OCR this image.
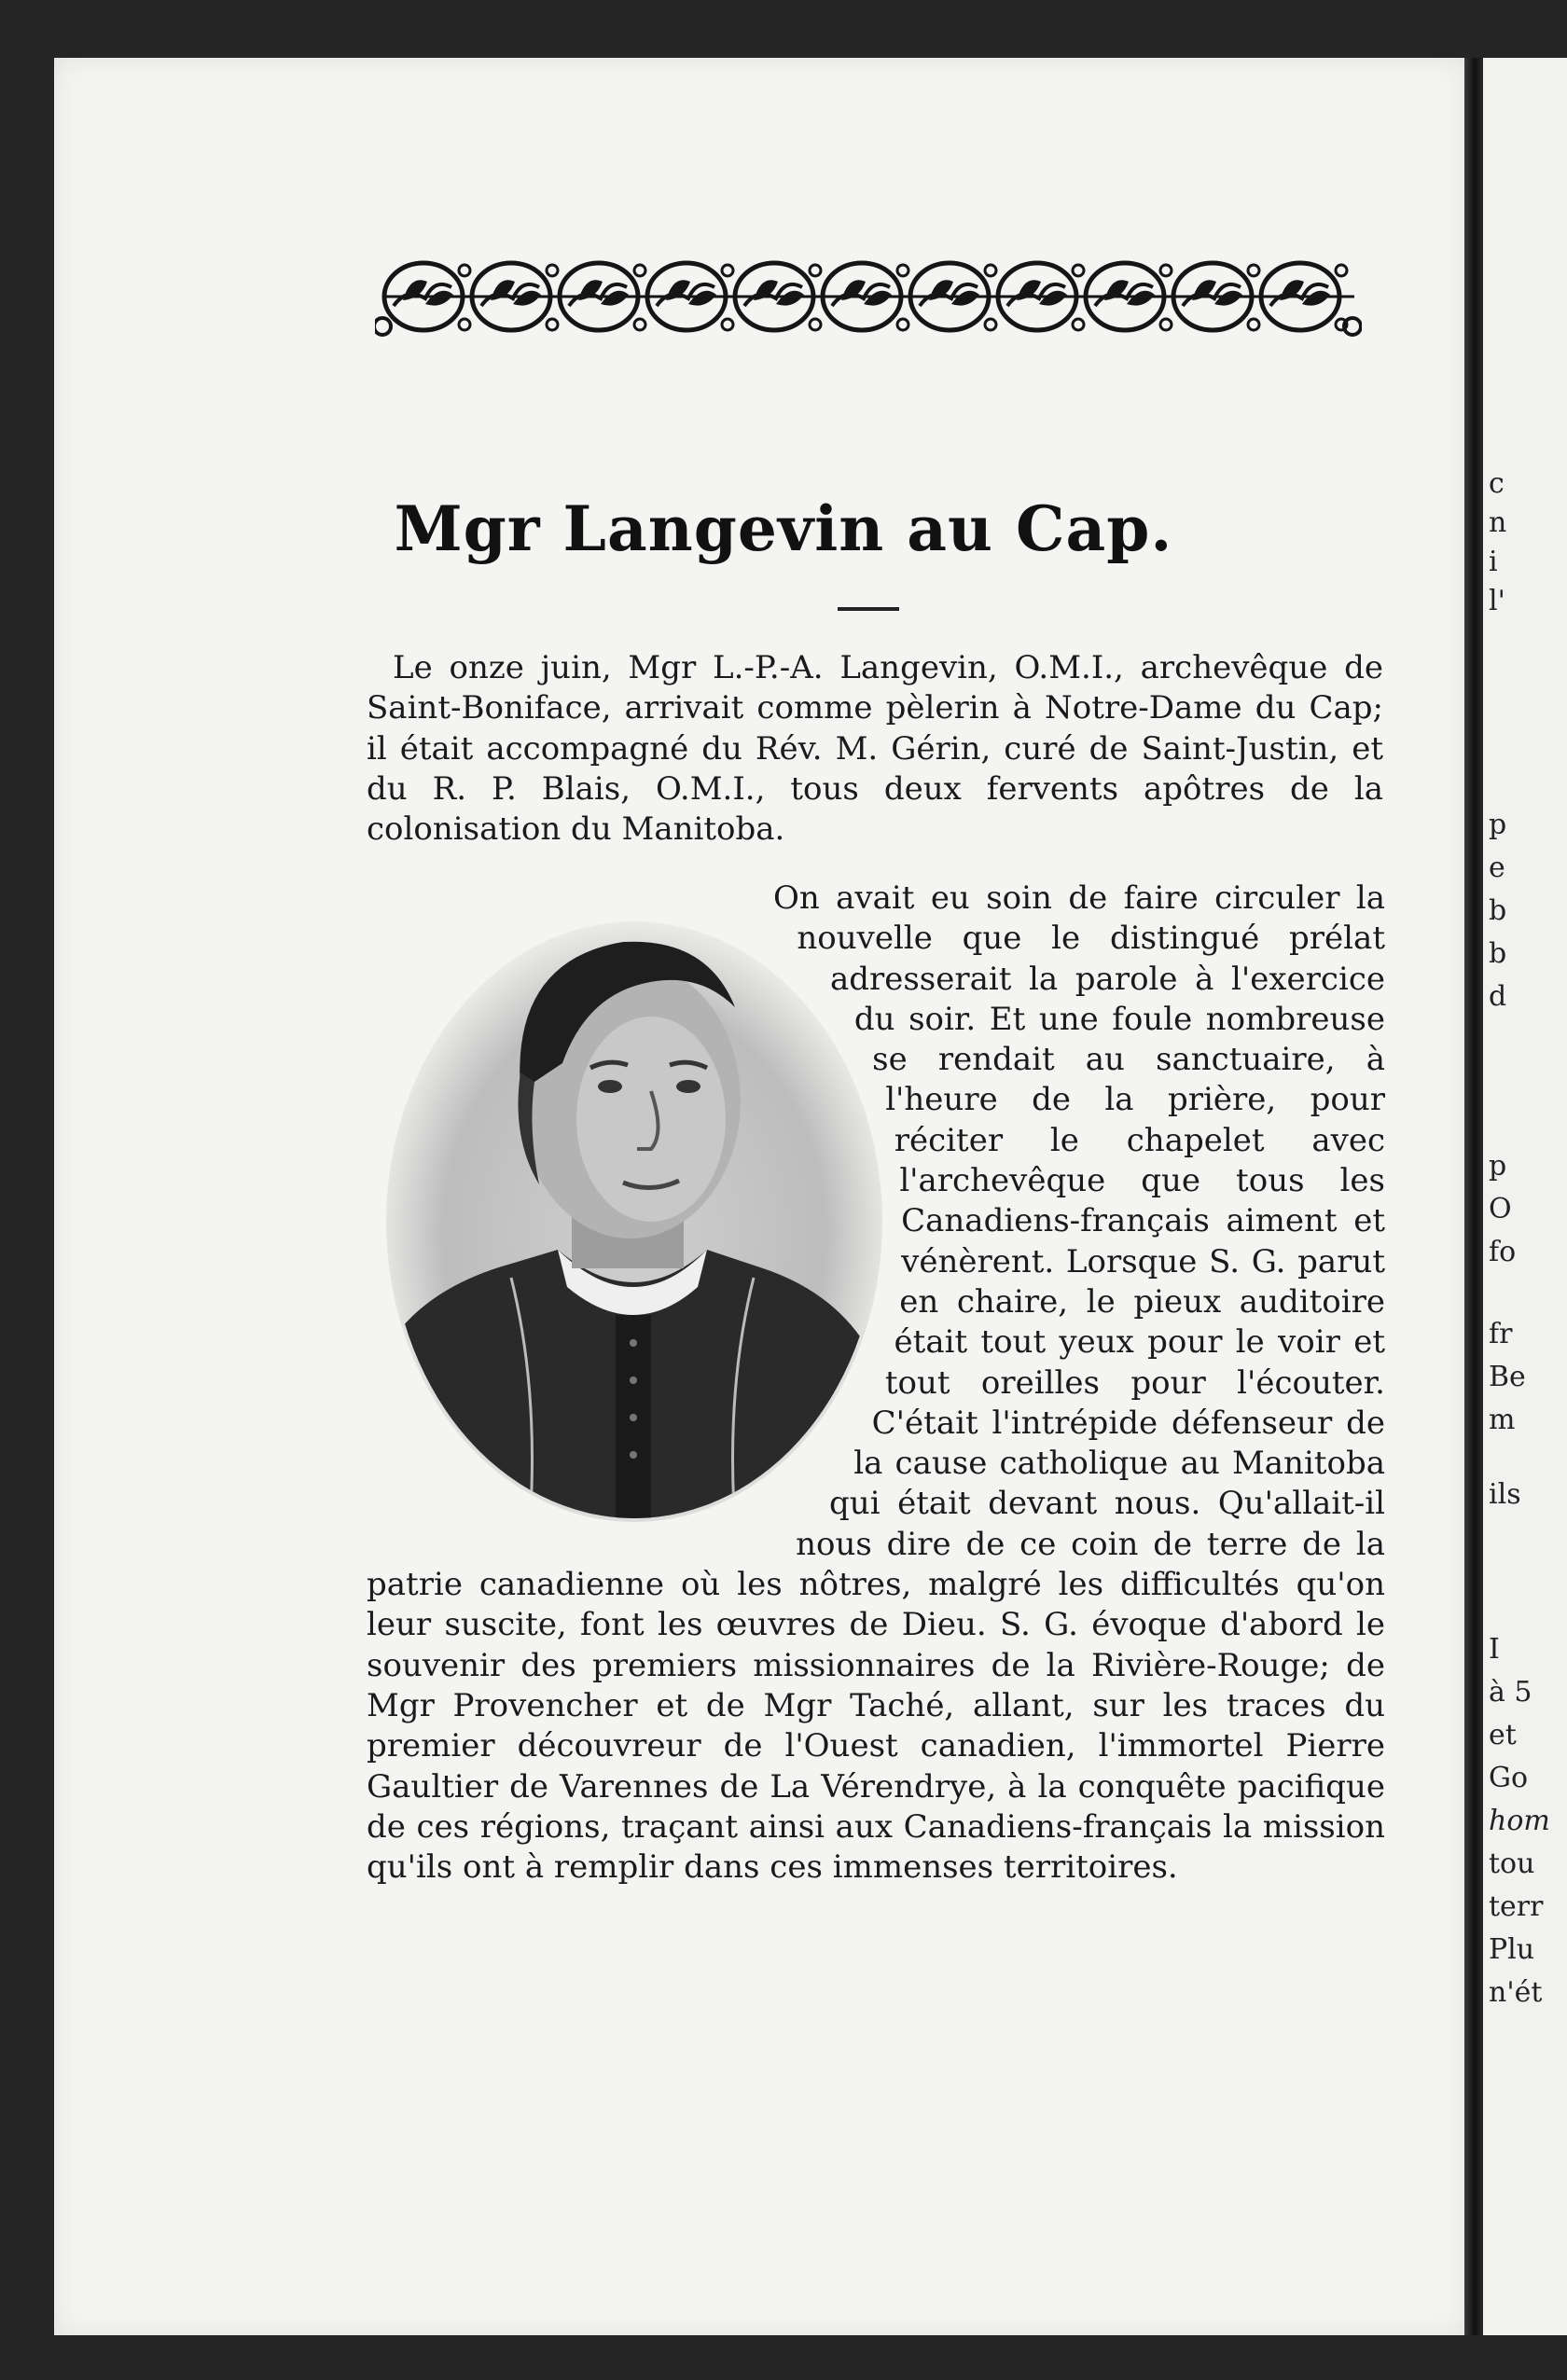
c
n
i
l'
p
e
b
b
d
p
O
fo
fr
Be
m
ils
I
à 5
et
Go
hom
tou
terr
Plu
n'ét
Mgr Langevin au Cap.

Le onze juin, Mgr L.-P.-A. Langevin, O.M.I., archevêque de Saint-Boniface, arrivait comme pèlerin à Notre-Dame du Cap; il était accompagné du Rév. M. Gérin, curé de Saint-Justin, et du R. P. Blais, O.M.I., tous deux fervents apôtres de la colonisation du Manitoba.

On avait eu soin de faire circuler la nouvelle que le distingué prélat adresserait la parole à l'exercice du soir. Et une foule nombreuse se rendait au sanctuaire, à l'heure de la prière, pour réciter le chapelet avec l'archevêque que tous les Canadiens-français aiment et vénèrent. Lorsque S. G. parut en chaire, le pieux auditoire était tout yeux pour le voir et tout oreilles pour l'écouter. C'était l'intrépide défenseur de la cause catholique au Manitoba qui était devant nous. Qu'allait-il nous dire de ce coin de terre de la patrie canadienne où les nôtres, malgré les difficultés qu'on leur suscite, font les œuvres de Dieu. S. G. évoque d'abord le souvenir des premiers missionnaires de la Rivière-Rouge; de Mgr Provencher et de Mgr Taché, allant, sur les traces du premier découvreur de l'Ouest canadien, l'immortel Pierre Gaultier de Varennes de La Vérendrye, à la conquête pacifique de ces régions, traçant ainsi aux Canadiens-français la mission qu'ils ont à remplir dans ces immenses territoires.
